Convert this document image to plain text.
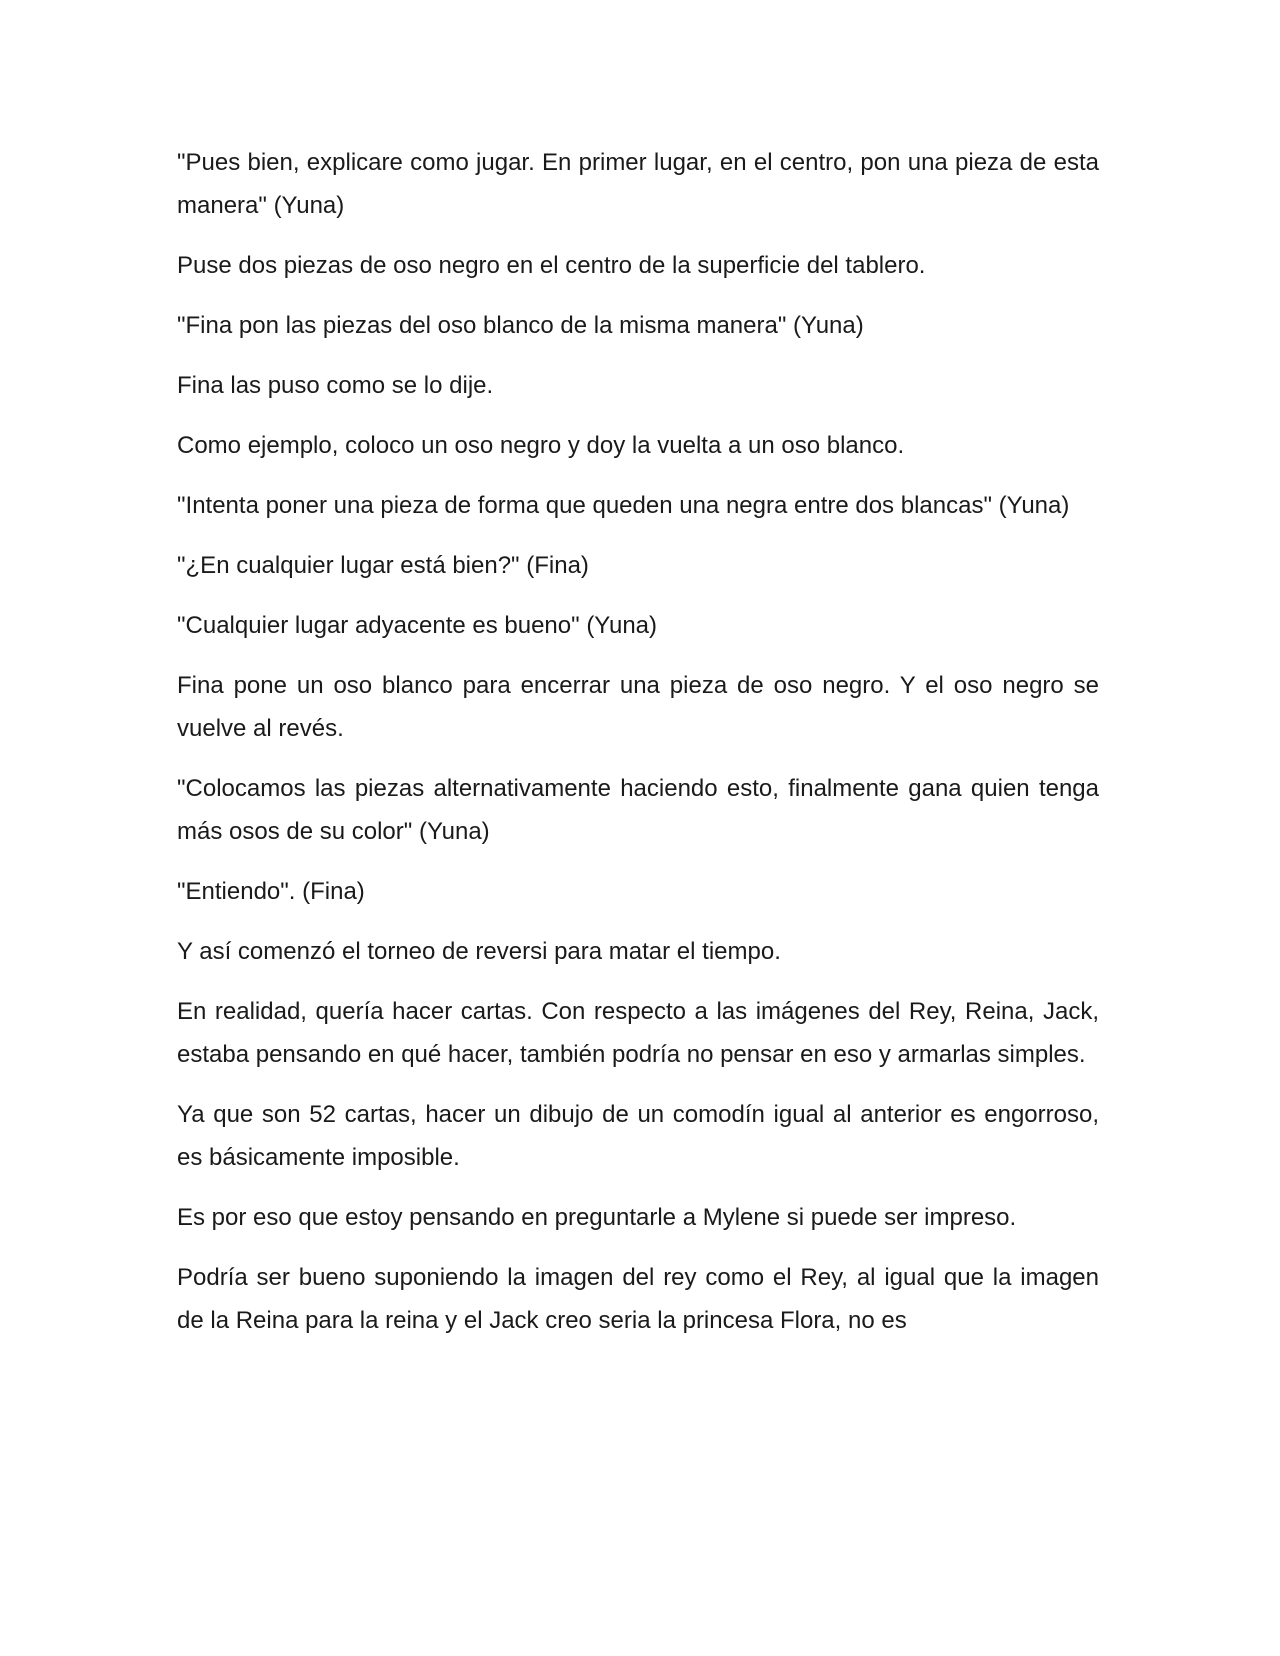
"Pues bien, explicare como jugar. En primer lugar, en el centro, pon una pieza de esta manera" (Yuna)

Puse dos piezas de oso negro en el centro de la superficie del tablero.

"Fina pon las piezas del oso blanco de la misma manera" (Yuna)

Fina las puso como se lo dije.

Como ejemplo, coloco un oso negro y doy la vuelta a un oso blanco.

"Intenta poner una pieza de forma que queden una negra entre dos blancas" (Yuna)

"¿En cualquier lugar está bien?" (Fina)

"Cualquier lugar adyacente es bueno" (Yuna)

Fina pone un oso blanco para encerrar una pieza de oso negro. Y el oso negro se vuelve al revés.

"Colocamos las piezas alternativamente haciendo esto, finalmente gana quien tenga más osos de su color" (Yuna)

"Entiendo". (Fina)

Y así comenzó el torneo de reversi para matar el tiempo.

En realidad, quería hacer cartas. Con respecto a las imágenes del Rey, Reina, Jack, estaba pensando en qué hacer, también podría no pensar en eso y armarlas simples.

Ya que son 52 cartas, hacer un dibujo de un comodín igual al anterior es engorroso, es básicamente imposible.

Es por eso que estoy pensando en preguntarle a Mylene si puede ser impreso.

Podría ser bueno suponiendo la imagen del rey como el Rey, al igual que la imagen de la Reina para la reina y el Jack creo seria la princesa Flora, no es
